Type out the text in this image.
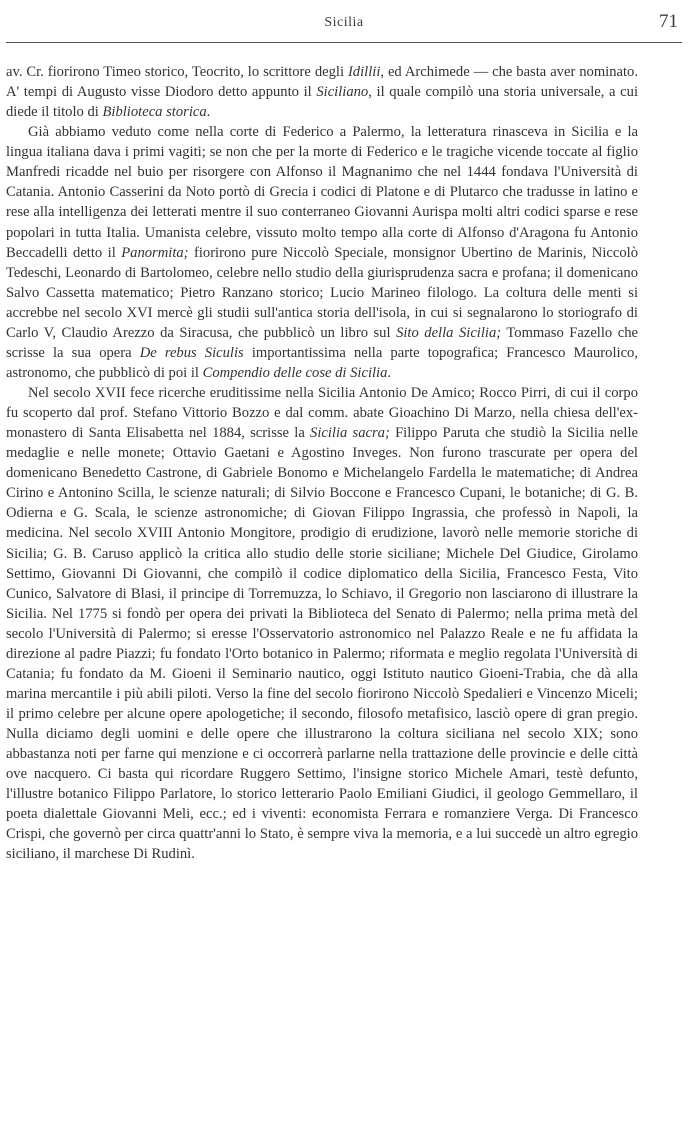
Sicilia	71

av. Cr. fiorirono Timeo storico, Teocrito, lo scrittore degli Idillii, ed Archimede — che basta aver nominato. A' tempi di Augusto visse Diodoro detto appunto il Siciliano, il quale compilò una storia universale, a cui diede il titolo di Biblioteca storica.

Già abbiamo veduto come nella corte di Federico a Palermo, la letteratura rinasceva in Sicilia e la lingua italiana dava i primi vagiti; se non che per la morte di Federico e le tragiche vicende toccate al figlio Manfredi ricadde nel buio per risorgere con Alfonso il Magnanimo che nel 1444 fondava l'Università di Catania. Antonio Casserini da Noto portò di Grecia i codici di Platone e di Plutarco che tradusse in latino e rese alla intelligenza dei letterati mentre il suo conterraneo Giovanni Aurispa molti altri codici sparse e rese popolari in tutta Italia. Umanista celebre, vissuto molto tempo alla corte di Alfonso d'Aragona fu Antonio Beccadelli detto il Panormita; fiorirono pure Niccolò Speciale, monsignor Ubertino de Marinis, Niccolò Tedeschi, Leonardo di Bartolomeo, celebre nello studio della giurisprudenza sacra e profana; il domenicano Salvo Cassetta matematico; Pietro Ranzano storico; Lucio Marineo filologo. La coltura delle menti si accrebbe nel secolo XVI mercè gli studii sull'antica storia dell'isola, in cui si segnalarono lo storiografo di Carlo V, Claudio Arezzo da Siracusa, che pubblicò un libro sul Sito della Sicilia; Tommaso Fazello che scrisse la sua opera De rebus Siculis importantissima nella parte topografica; Francesco Maurolico, astronomo, che pubblicò di poi il Compendio delle cose di Sicilia.

Nel secolo XVII fece ricerche eruditissime nella Sicilia Antonio De Amico; Rocco Pirri, di cui il corpo fu scoperto dal prof. Stefano Vittorio Bozzo e dal comm. abate Gioachino Di Marzo, nella chiesa dell'ex-monastero di Santa Elisabetta nel 1884, scrisse la Sicilia sacra; Filippo Paruta che studiò la Sicilia nelle medaglie e nelle monete; Ottavio Gaetani e Agostino Inveges. Non furono trascurate per opera del domenicano Benedetto Castrone, di Gabriele Bonomo e Michelangelo Fardella le matematiche; di Andrea Cirino e Antonino Scilla, le scienze naturali; di Silvio Boccone e Francesco Cupani, le botaniche; di G. B. Odierna e G. Scala, le scienze astronomiche; di Giovan Filippo Ingrassia, che professò in Napoli, la medicina. Nel secolo XVIII Antonio Mongitore, prodigio di erudizione, lavorò nelle memorie storiche di Sicilia; G. B. Caruso applicò la critica allo studio delle storie siciliane; Michele Del Giudice, Girolamo Settimo, Giovanni Di Giovanni, che compilò il codice diplomatico della Sicilia, Francesco Festa, Vito Cunico, Salvatore di Blasi, il principe di Torremuzza, lo Schiavo, il Gregorio non lasciarono di illustrare la Sicilia. Nel 1775 si fondò per opera dei privati la Biblioteca del Senato di Palermo; nella prima metà del secolo l'Università di Palermo; si eresse l'Osservatorio astronomico nel Palazzo Reale e ne fu affidata la direzione al padre Piazzi; fu fondato l'Orto botanico in Palermo; riformata e meglio regolata l'Università di Catania; fu fondato da M. Gioeni il Seminario nautico, oggi Istituto nautico Gioeni-Trabia, che dà alla marina mercantile i più abili piloti. Verso la fine del secolo fiorirono Niccolò Spedalieri e Vincenzo Miceli; il primo celebre per alcune opere apologetiche; il secondo, filosofo metafisico, lasciò opere di gran pregio. Nulla diciamo degli uomini e delle opere che illustrarono la coltura siciliana nel secolo XIX; sono abbastanza noti per farne qui menzione e ci occorrerà parlarne nella trattazione delle provincie e delle città ove nacquero. Ci basta qui ricordare Ruggero Settimo, l'insigne storico Michele Amari, testè defunto, l'illustre botanico Filippo Parlatore, lo storico letterario Paolo Emiliani Giudici, il geologo Gemmellaro, il poeta dialettale Giovanni Meli, ecc.; ed i viventi: economista Ferrara e romanziere Verga. Di Francesco Crispi, che governò per circa quattr'anni lo Stato, è sempre viva la memoria, e a lui succedè un altro egregio siciliano, il marchese Di Rudinì.
